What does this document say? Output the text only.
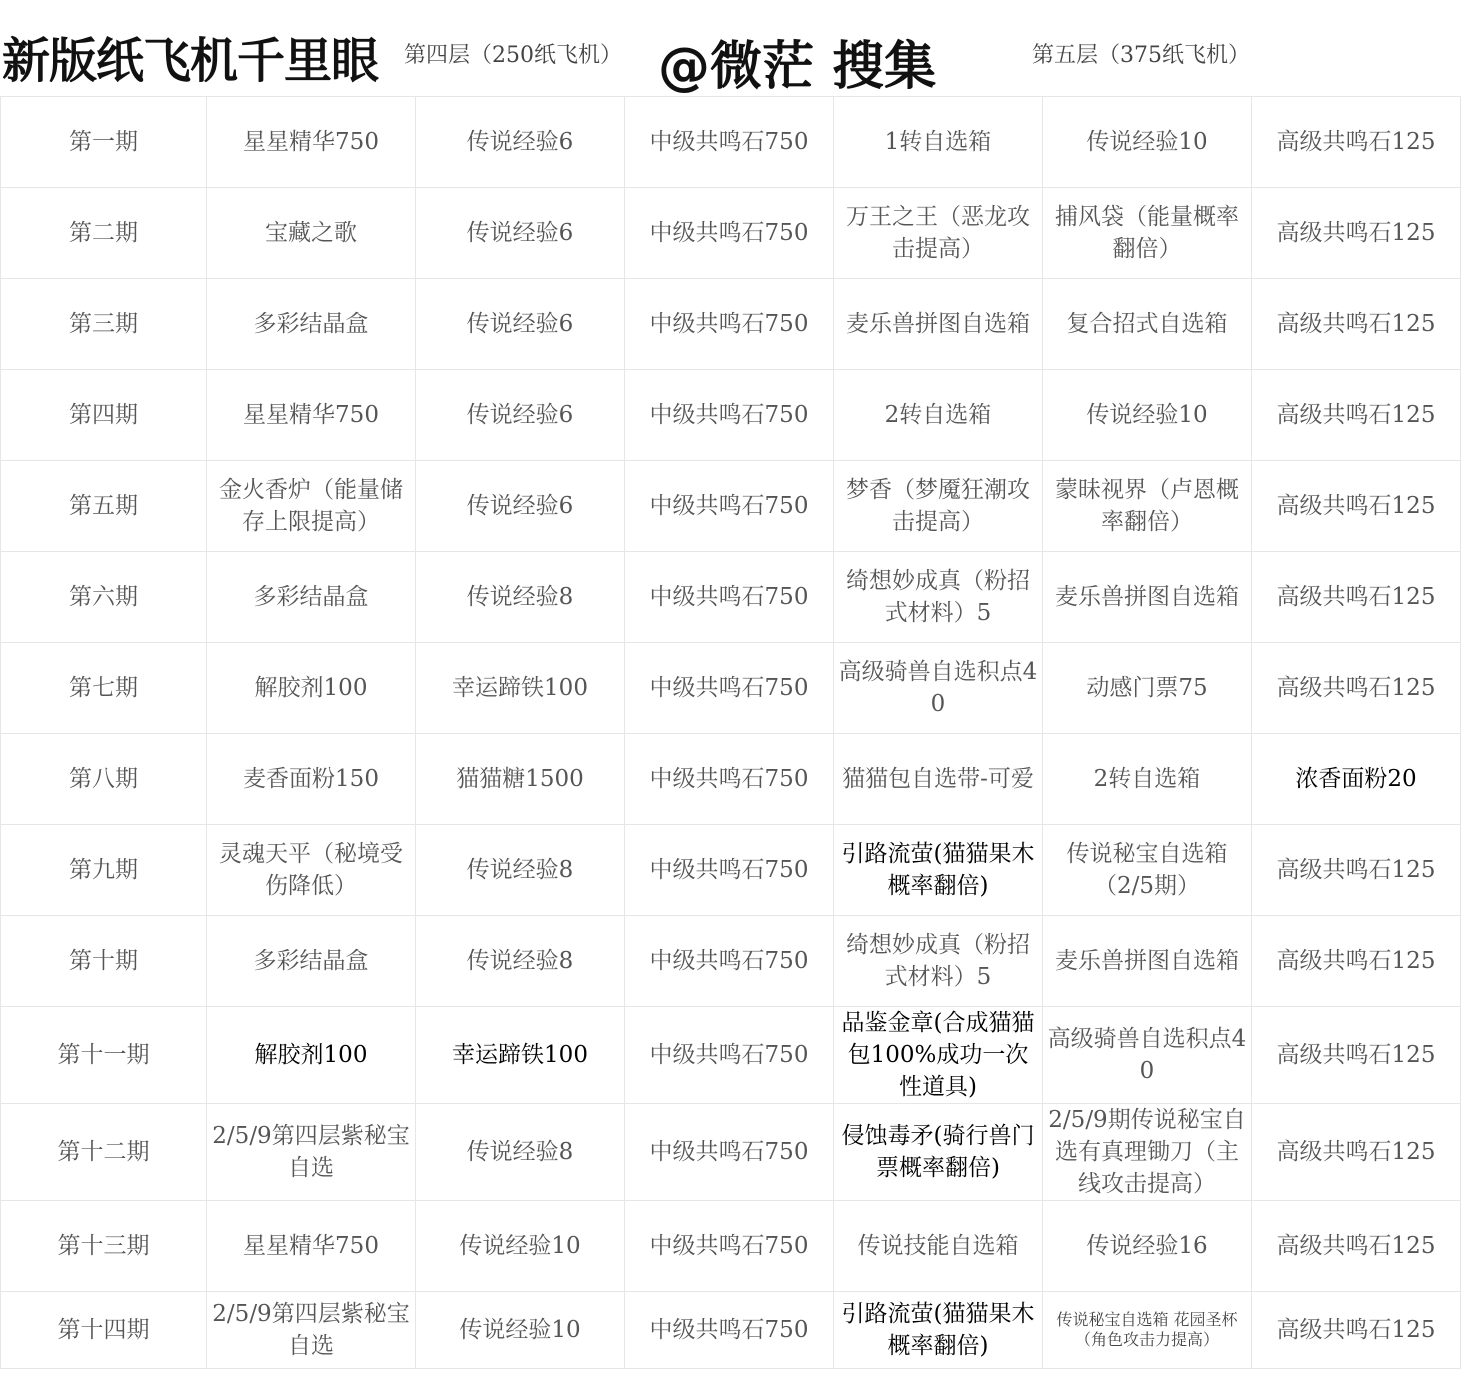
新版纸飞机千里眼 第四层（250纸飞机） @微茫 搜集	第五层（375纸飞机）
第一期	星星精华750	传说经验6	中级共鸣石750	1转自选箱	传说经验10	高级共鸣石125
第二期	宝藏之歌	传说经验6	中级共鸣石750	万王之王（恶龙攻击提高）	捕风袋（能量概率翻倍）	高级共鸣石125
第三期	多彩结晶盒	传说经验6	中级共鸣石750	麦乐兽拼图自选箱	复合招式自选箱	高级共鸣石125
第四期	星星精华750	传说经验6	中级共鸣石750	2转自选箱	传说经验10	高级共鸣石125
第五期	金火香炉（能量储存上限提高）	传说经验6	中级共鸣石750	梦香（梦魇狂潮攻击提高）	蒙昧视界（卢恩概率翻倍）	高级共鸣石125
第六期	多彩结晶盒	传说经验8	中级共鸣石750	绮想妙成真（粉招式材料）5	麦乐兽拼图自选箱	高级共鸣石125
第七期	解胶剂100	幸运蹄铁100	中级共鸣石750	高级骑兽自选积点40	动感门票75	高级共鸣石125
第八期	麦香面粉150	猫猫糖1500	中级共鸣石750	猫猫包自选带-可爱	2转自选箱	浓香面粉20
第九期	灵魂天平（秘境受伤降低）	传说经验8	中级共鸣石750	引路流萤(猫猫果木概率翻倍)	传说秘宝自选箱（2/5期）	高级共鸣石125
第十期	多彩结晶盒	传说经验8	中级共鸣石750	绮想妙成真（粉招式材料）5	麦乐兽拼图自选箱	高级共鸣石125
第十一期	解胶剂100	幸运蹄铁100	中级共鸣石750	品鉴金章(合成猫猫包100%成功一次性道具)	高级骑兽自选积点40	高级共鸣石125
第十二期	2/5/9第四层紫秘宝自选	传说经验8	中级共鸣石750	侵蚀毒矛(骑行兽门票概率翻倍)	2/5/9期传说秘宝自选有真理锄刀（主线攻击提高）	高级共鸣石125
第十三期	星星精华750	传说经验10	中级共鸣石750	传说技能自选箱	传说经验16	高级共鸣石125
第十四期	2/5/9第四层紫秘宝自选	传说经验10	中级共鸣石750	引路流萤(猫猫果木概率翻倍)	传说秘宝自选箱 花园圣杯（角色攻击力提高）	高级共鸣石125
